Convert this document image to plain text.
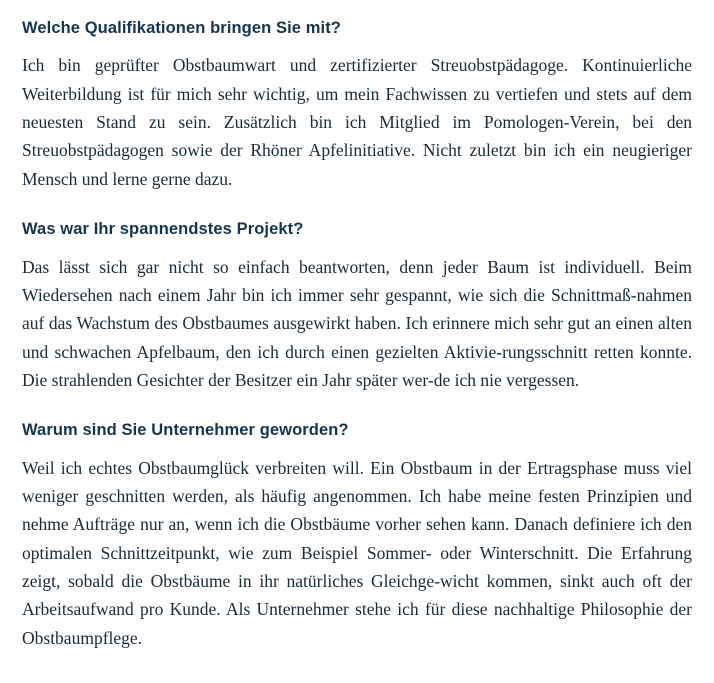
Welche Qualifikationen bringen Sie mit?

Ich bin geprüfter Obstbaumwart und zertifizierter Streuobstpädagoge. Kontinuierliche Weiterbildung ist für mich sehr wichtig, um mein Fachwissen zu vertiefen und stets auf dem neuesten Stand zu sein. Zusätzlich bin ich Mitglied im Pomologen-Verein, bei den Streuobstpädagogen sowie der Rhöner Apfelinitiative. Nicht zuletzt bin ich ein neugieriger Mensch und lerne gerne dazu.

Was war Ihr spannendstes Projekt?

Das lässt sich gar nicht so einfach beantworten, denn jeder Baum ist individuell. Beim Wiedersehen nach einem Jahr bin ich immer sehr gespannt, wie sich die Schnittmaß-nahmen auf das Wachstum des Obstbaumes ausgewirkt haben. Ich erinnere mich sehr gut an einen alten und schwachen Apfelbaum, den ich durch einen gezielten Aktivie-rungsschnitt retten konnte. Die strahlenden Gesichter der Besitzer ein Jahr später wer-de ich nie vergessen.

Warum sind Sie Unternehmer geworden?

Weil ich echtes Obstbaumglück verbreiten will. Ein Obstbaum in der Ertragsphase muss viel weniger geschnitten werden, als häufig angenommen. Ich habe meine festen Prinzipien und nehme Aufträge nur an, wenn ich die Obstbäume vorher sehen kann. Danach definiere ich den optimalen Schnittzeitpunkt, wie zum Beispiel Sommer- oder Winterschnitt. Die Erfahrung zeigt, sobald die Obstbäume in ihr natürliches Gleichge-wicht kommen, sinkt auch oft der Arbeitsaufwand pro Kunde. Als Unternehmer stehe ich für diese nachhaltige Philosophie der Obstbaumpflege.
